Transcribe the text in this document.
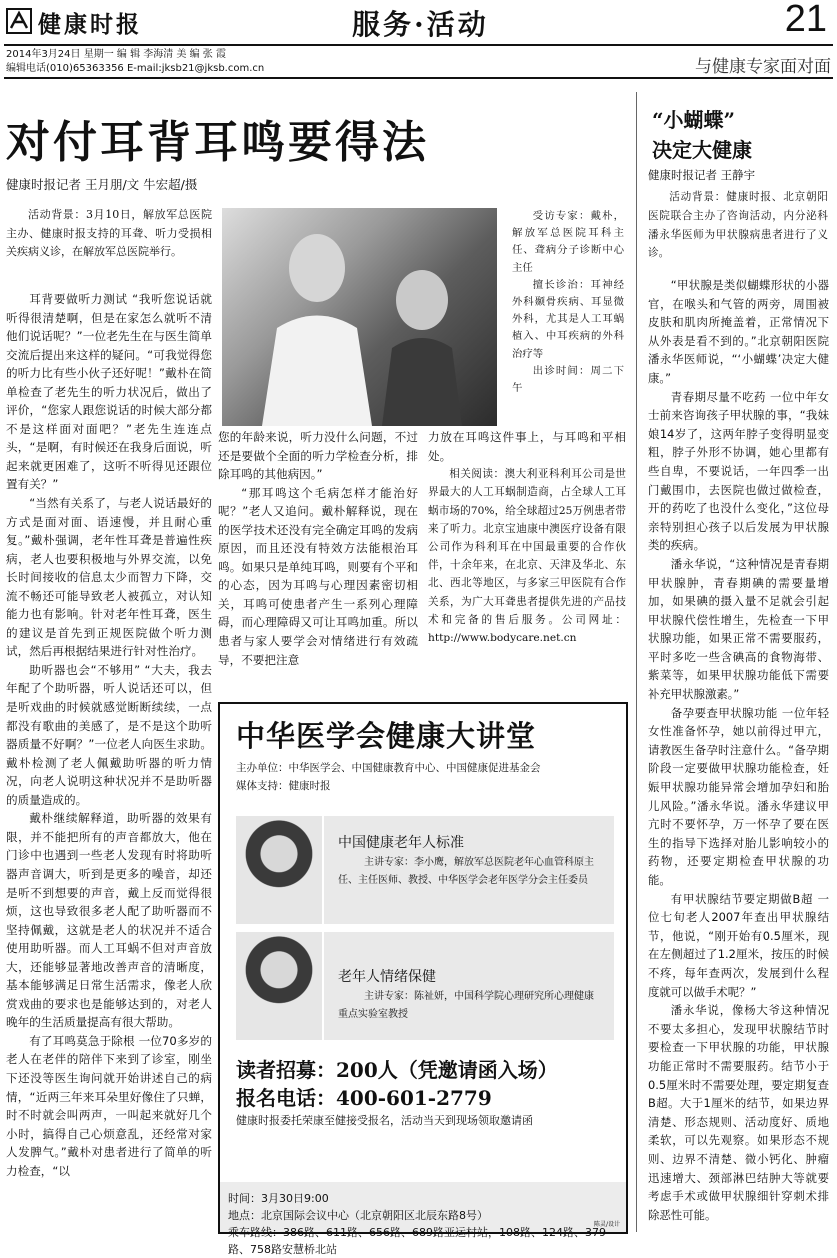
健康时报	服务·活动	21
2014年3月24日 星期一 编 辑 李海清 美 编 张 霞
编辑电话(010)65363356 E-mail:jksb21@jksb.com.cn	与健康专家面对面
对付耳背耳鸣要得法
健康时报记者 王月朋/文 牛宏超/摄

活动背景：3月10日，解放军总医院主办、健康时报支持的耳聋、听力受损相关疾病义诊，在解放军总医院举行。

受访专家：戴朴，解放军总医院耳科主任、聋病分子诊断中心主任

擅长诊治：耳神经外科颞骨疾病、耳显微外科，尤其是人工耳蜗植入、中耳疾病的外科治疗等

出诊时间：周二下午

耳背要做听力测试 “我听您说话就听得很清楚啊，但是在家怎么就听不清他们说话呢？”一位老先生在与医生简单交流后提出来这样的疑问。“可我觉得您的听力比有些小伙子还好呢！”戴朴在简单检查了老先生的听力状况后，做出了评价，“您家人跟您说话的时候大部分都不是这样面对面吧？”老先生连连点头，“是啊，有时候还在我身后面说，听起来就更困难了，这听不听得见还跟位置有关？”

“当然有关系了，与老人说话最好的方式是面对面、语速慢，并且耐心重复。”戴朴强调，老年性耳聋是普遍性疾病，老人也要积极地与外界交流，以免长时间接收的信息太少而智力下降，交流不畅还可能导致老人被孤立，对认知能力也有影响。针对老年性耳聋，医生的建议是首先到正规医院做个听力测试，然后再根据结果进行针对性治疗。

助听器也会“不够用” “大夫，我去年配了个助听器，听人说话还可以，但是听戏曲的时候就感觉断断续续，一点都没有歌曲的美感了，是不是这个助听器质量不好啊？”一位老人向医生求助。戴朴检测了老人佩戴助听器的听力情况，向老人说明这种状况并不是助听器的质量造成的。

戴朴继续解释道，助听器的效果有限，并不能把所有的声音都放大，他在门诊中也遇到一些老人发现有时将助听器声音调大，听到是更多的噪音，却还是听不到想要的声音，戴上反而觉得很烦，这也导致很多老人配了助听器而不坚持佩戴，这就是老人的状况并不适合使用助听器。而人工耳蜗不但对声音放大，还能够显著地改善声音的清晰度，基本能够满足日常生活需求，像老人欣赏戏曲的要求也是能够达到的，对老人晚年的生活质量提高有很大帮助。

有了耳鸣莫急于除根 一位70多岁的老人在老伴的陪伴下来到了诊室，刚坐下还没等医生询问就开始讲述自己的病情，“近两三年来耳朵里好像住了只蝉，时不时就会叫两声，一叫起来就好几个小时，搞得自己心烦意乱，还经常对家人发脾气。”戴朴对患者进行了简单的听力检查，“以

您的年龄来说，听力没什么问题，不过还是要做个全面的听力学检查分析，排除耳鸣的其他病因。”

“那耳鸣这个毛病怎样才能治好呢？”老人又追问。戴朴解释说，现在的医学技术还没有完全确定耳鸣的发病原因，而且还没有特效方法能根治耳鸣。如果只是单纯耳鸣，则要有个平和的心态，因为耳鸣与心理因素密切相关，耳鸣可使患者产生一系列心理障碍，而心理障碍又可让耳鸣加重。所以患者与家人要学会对情绪进行有效疏导，不要把注意

力放在耳鸣这件事上，与耳鸣和平相处。

相关阅读：澳大利亚科利耳公司是世界最大的人工耳蜗制造商，占全球人工耳蜗市场的70%，给全球超过25万例患者带来了听力。北京宝迪康中澳医疗设备有限公司作为科利耳在中国最重要的合作伙伴，十余年来，在北京、天津及华北、东北、西北等地区，与多家三甲医院有合作关系，为广大耳聋患者提供先进的产品技术和完备的售后服务。公司网址：http://www.bodycare.net.cn

中华医学会健康大讲堂
主办单位：中华医学会、中国健康教育中心、中国健康促进基金会
媒体支持：健康时报
中国健康老年人标准
主讲专家：李小鹰，解放军总医院老年心血管科原主任、主任医师、教授、中华医学会老年医学分会主任委员
老年人情绪保健
主讲专家：陈祉妍，中国科学院心理研究所心理健康重点实验室教授
读者招募：200人（凭邀请函入场）
报名电话：400-601-2779
健康时报委托荣康至健接受报名，活动当天到现场领取邀请函
时间：3月30日9:00
地点：北京国际会议中心（北京朝阳区北辰东路8号）
乘车路线：386路、611路、656路、689路亚运村站，108路、124路、379路、758路安慧桥北站
陈灵/设计
“小蝴蝶”
决定大健康
健康时报记者 王静宇

活动背景：健康时报、北京朝阳医院联合主办了咨询活动，内分泌科潘永华医师为甲状腺病患者进行了义诊。

“甲状腺是类似蝴蝶形状的小器官，在喉头和气管的两旁，周围被皮肤和肌肉所掩盖着，正常情况下从外表是看不到的。”北京朝阳医院潘永华医师说，“‘小蝴蝶’决定大健康。”

青春期尽量不吃药 一位中年女士前来咨询孩子甲状腺的事，“我妹娘14岁了，这两年脖子变得明显变粗，脖子外形不协调，她心里都有些自卑，不要说话，一年四季一出门戴围巾，去医院也做过做检查，开的药吃了也没什么变化，”这位母亲特别担心孩子以后发展为甲状腺类的疾病。

潘永华说，“这种情况是青春期甲状腺肿，青春期碘的需要量增加，如果碘的摄入量不足就会引起甲状腺代偿性增生，先检查一下甲状腺功能，如果正常不需要服药，平时多吃一些含碘高的食物海带、紫菜等，如果甲状腺功能低下需要补充甲状腺激素。”

备孕要查甲状腺功能 一位年轻女性准备怀孕，她以前得过甲亢，请教医生备孕时注意什么。“备孕期阶段一定要做甲状腺功能检查，妊娠甲状腺功能异常会增加孕妇和胎儿风险。”潘永华说。潘永华建议甲亢时不要怀孕，万一怀孕了要在医生的指导下选择对胎儿影响较小的药物，还要定期检查甲状腺的功能。

有甲状腺结节要定期做B超 一位七旬老人2007年查出甲状腺结节，他说，“刚开始有0.5厘米，现在左侧超过了1.2厘米，按压的时候不疼，每年查两次，发展到什么程度就可以做手术呢？”

潘永华说，像杨大爷这种情况不要太多担心，发现甲状腺结节时要检查一下甲状腺的功能，甲状腺功能正常时不需要服药。结节小于0.5厘米时不需要处理，要定期复查B超。大于1厘米的结节，如果边界清楚、形态规则、活动度好、质地柔软，可以先观察。如果形态不规则、边界不清楚、微小钙化、肿瘤迅速增大、颈部淋巴结肿大等就要考虑手术或做甲状腺细针穿刺术排除恶性可能。
